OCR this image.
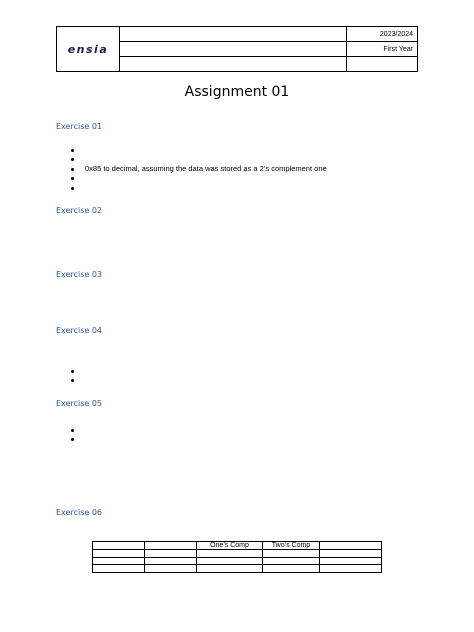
ensia		2023/2024
		First Year

Assignment 01
Exercise 01
0x85 to decimal, assuming the data was stored as a 2’s complement one
Exercise 02
Exercise 03
Exercise 04
Exercise 05
Exercise 06
		One’s Comp	Two’s Comp	
